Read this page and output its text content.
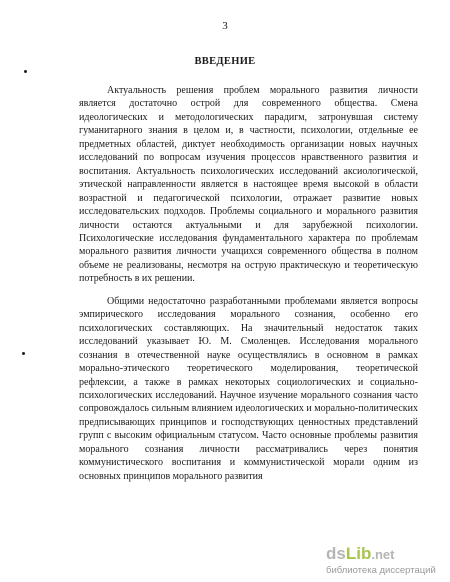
3
ВВЕДЕНИЕ

Актуальность решения проблем морального развития личности является достаточно острой для современного общества. Смена идеологических и методологических парадигм, затронувшая систему гуманитарного знания в целом и, в частности, психологии, отдельные ее предметных областей, диктует необходимость организации новых научных исследований по вопросам изучения процессов нравственного развития и воспитания. Актуальность психологических исследований аксиологической, этической направленности является в настоящее время высокой в области возрастной и педагогической психологии, отражает развитие новых исследовательских подходов. Проблемы социального и морального развития личности остаются актуальными и для зарубежной психологии. Психологические исследования фундаментального характера по проблемам морального развития личности учащихся современного общества в полном объеме не реализованы, несмотря на острую практическую и теоретическую потребность в их решении.

Общими недостаточно разработанными проблемами является вопросы эмпирического исследования морального сознания, особенно его психологических составляющих. На значительный недостаток таких исследований указывает Ю. М. Смоленцев. Исследования морального сознания в отечественной науке осуществлялись в основном в рамках морально-этического теоретического моделирования, теоретической рефлексии, а также в рамках некоторых социологических и социально-психологических исследований. Научное изучение морального сознания часто сопровождалось сильным влиянием идеологических и морально-политических предписывающих принципов и господствующих ценностных представлений групп с высоким официальным статусом. Часто основные проблемы развития морального сознания личности рассматривались через понятия коммунистического воспитания и коммунистической морали одним из основных принципов морального развития

dsLib.net
библиотека диссертаций
